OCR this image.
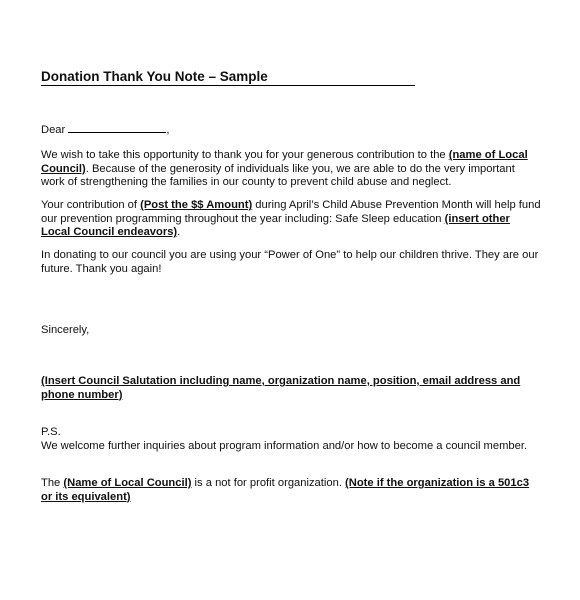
Donation Thank You Note – Sample
Dear	,
We wish to take this opportunity to thank you for your generous contribution to the (name of Local Council). Because of the generosity of individuals like you, we are able to do the very important work of strengthening the families in our county to prevent child abuse and neglect.
Your contribution of (Post the $$ Amount) during April’s Child Abuse Prevention Month will help fund our prevention programming throughout the year including: Safe Sleep education (insert other Local Council endeavors).
In donating to our council you are using your “Power of One” to help our children thrive. They are our future. Thank you again!
Sincerely,
(Insert Council Salutation including name, organization name, position, email address and phone number)
P.S.
We welcome further inquiries about program information and/or how to become a council member.
The (Name of Local Council) is a not for profit organization. (Note if the organization is a 501c3 or its equivalent)
